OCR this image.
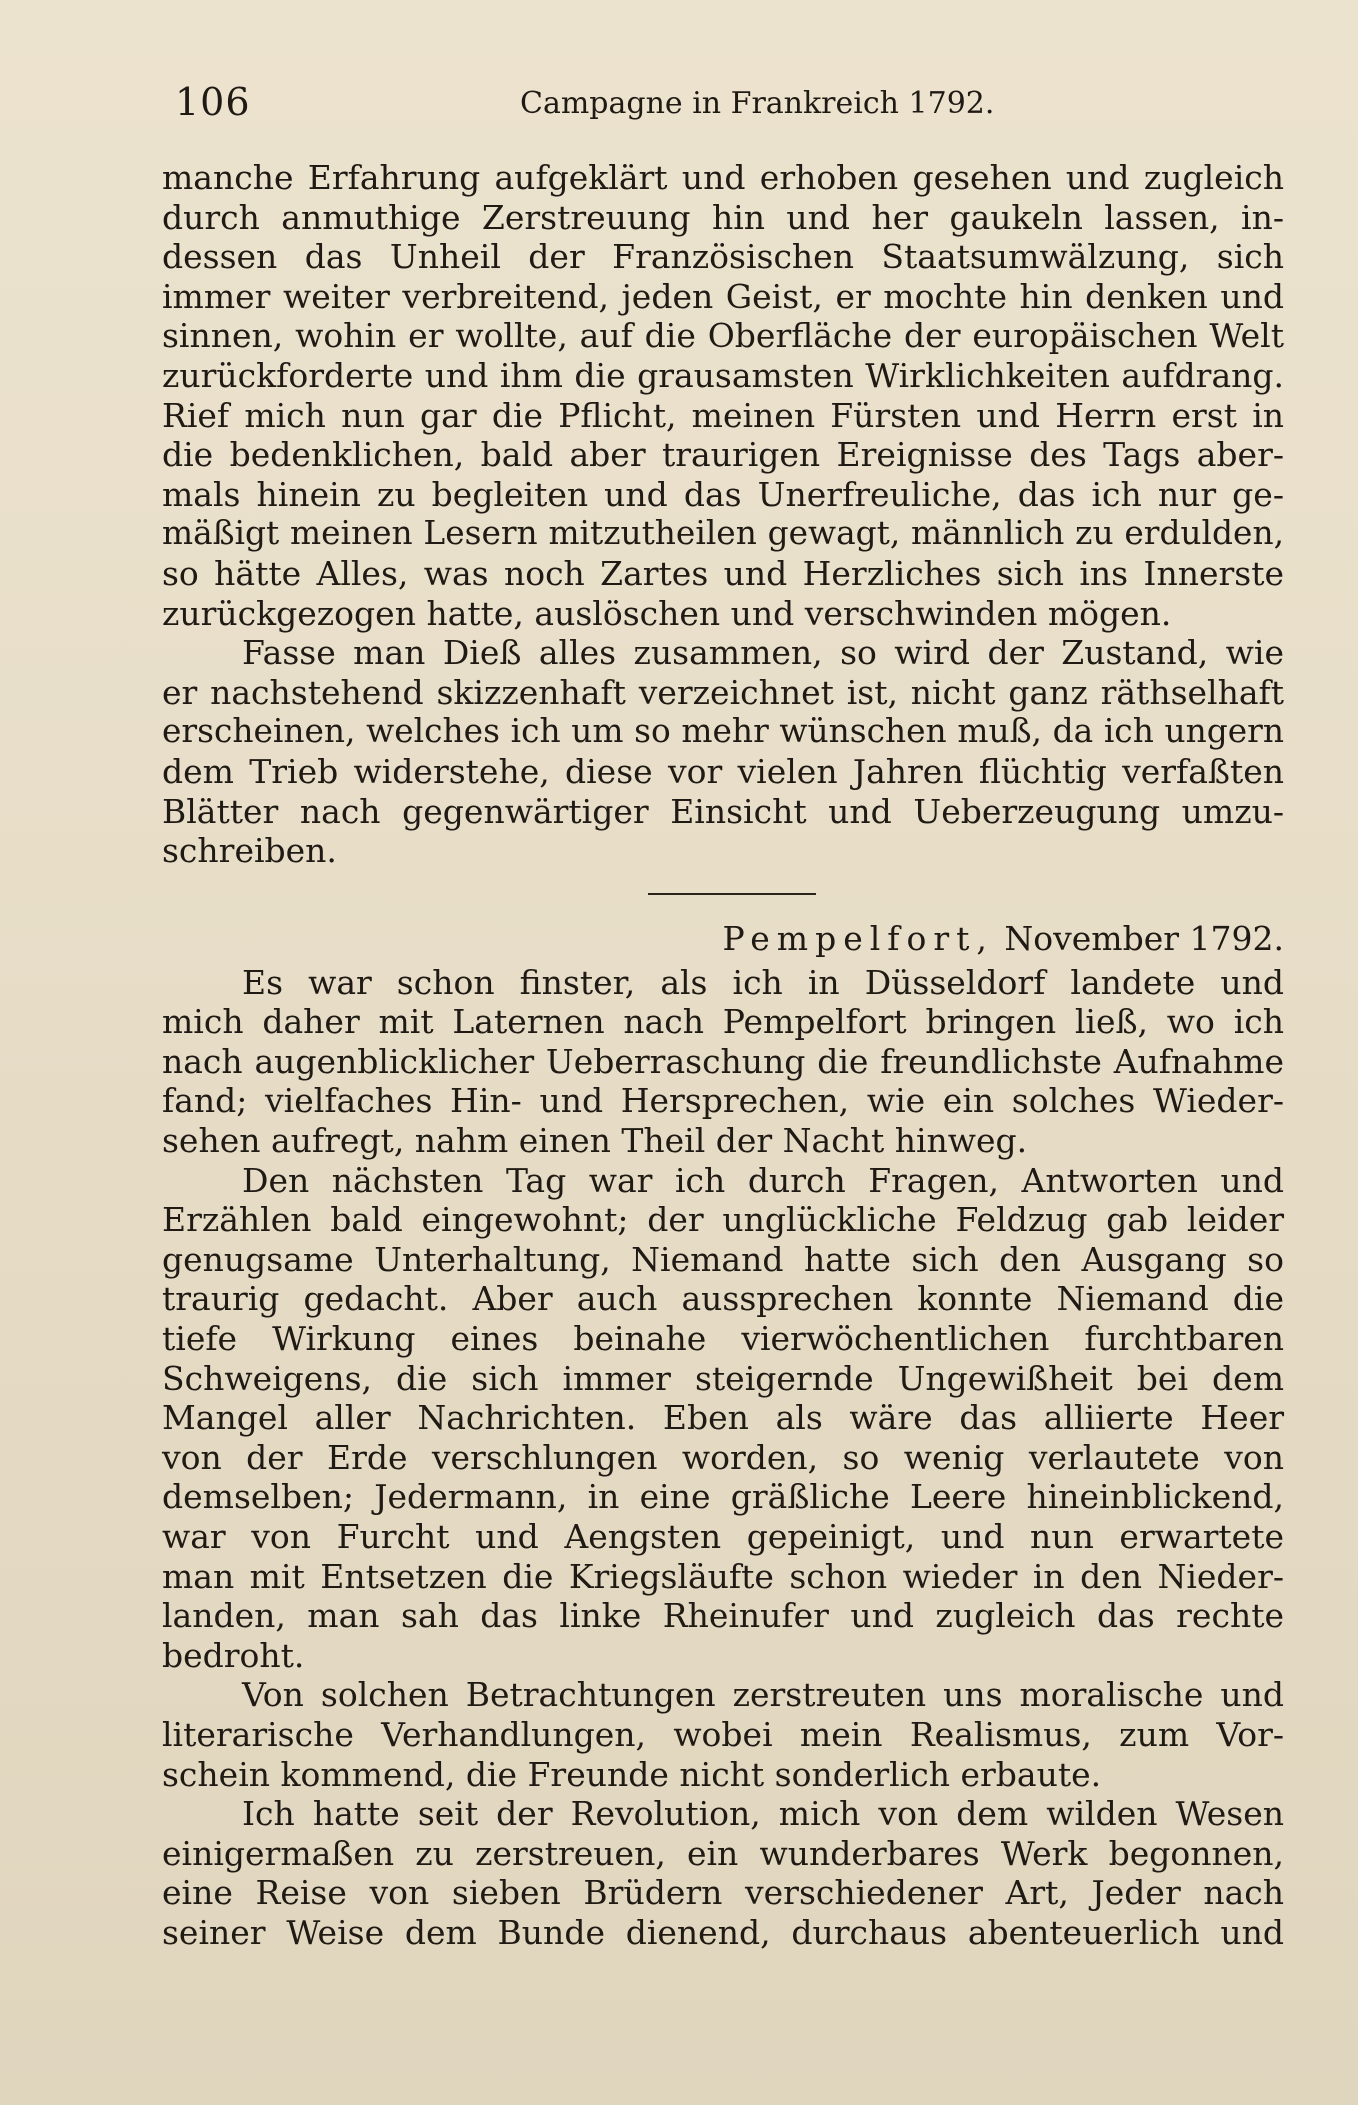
106	Campagne in Frankreich 1792.
manche Erfahrung aufgeklärt und erhoben gesehen und zugleich
durch anmuthige Zerstreuung hin und her gaukeln lassen, in-
dessen das Unheil der Französischen Staatsumwälzung, sich
immer weiter verbreitend, jeden Geist, er mochte hin denken und
sinnen, wohin er wollte, auf die Oberfläche der europäischen Welt
zurückforderte und ihm die grausamsten Wirklichkeiten aufdrang.
Rief mich nun gar die Pflicht, meinen Fürsten und Herrn erst in
die bedenklichen, bald aber traurigen Ereignisse des Tags aber-
mals hinein zu begleiten und das Unerfreuliche, das ich nur ge-
mäßigt meinen Lesern mitzutheilen gewagt, männlich zu erdulden,
so hätte Alles, was noch Zartes und Herzliches sich ins Innerste
zurückgezogen hatte, auslöschen und verschwinden mögen.
Fasse man Dieß alles zusammen, so wird der Zustand, wie
er nachstehend skizzenhaft verzeichnet ist, nicht ganz räthselhaft
erscheinen, welches ich um so mehr wünschen muß, da ich ungern
dem Trieb widerstehe, diese vor vielen Jahren flüchtig verfaßten
Blätter nach gegenwärtiger Einsicht und Ueberzeugung umzu-
schreiben.
Pempelfort, November 1792.
Es war schon finster, als ich in Düsseldorf landete und
mich daher mit Laternen nach Pempelfort bringen ließ, wo ich
nach augenblicklicher Ueberraschung die freundlichste Aufnahme
fand; vielfaches Hin- und Hersprechen, wie ein solches Wieder-
sehen aufregt, nahm einen Theil der Nacht hinweg.
Den nächsten Tag war ich durch Fragen, Antworten und
Erzählen bald eingewohnt; der unglückliche Feldzug gab leider
genugsame Unterhaltung, Niemand hatte sich den Ausgang so
traurig gedacht. Aber auch aussprechen konnte Niemand die
tiefe Wirkung eines beinahe vierwöchentlichen furchtbaren
Schweigens, die sich immer steigernde Ungewißheit bei dem
Mangel aller Nachrichten. Eben als wäre das alliierte Heer
von der Erde verschlungen worden, so wenig verlautete von
demselben; Jedermann, in eine gräßliche Leere hineinblickend,
war von Furcht und Aengsten gepeinigt, und nun erwartete
man mit Entsetzen die Kriegsläufte schon wieder in den Nieder-
landen, man sah das linke Rheinufer und zugleich das rechte
bedroht.
Von solchen Betrachtungen zerstreuten uns moralische und
literarische Verhandlungen, wobei mein Realismus, zum Vor-
schein kommend, die Freunde nicht sonderlich erbaute.
Ich hatte seit der Revolution, mich von dem wilden Wesen
einigermaßen zu zerstreuen, ein wunderbares Werk begonnen,
eine Reise von sieben Brüdern verschiedener Art, Jeder nach
seiner Weise dem Bunde dienend, durchaus abenteuerlich und
